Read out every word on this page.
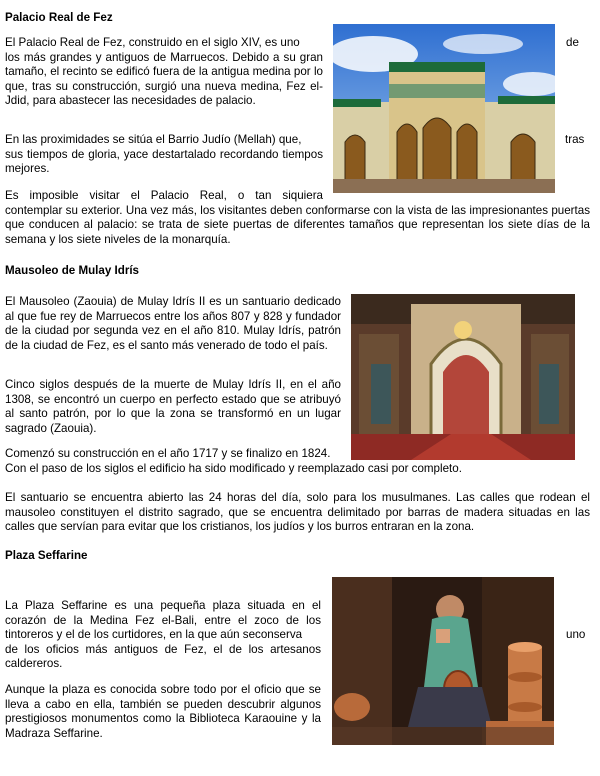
Palacio Real de Fez

El Palacio Real de Fez, construido en el siglo XIV, es uno	de

los más grandes y antiguos de Marruecos. Debido a su gran tamaño, el recinto se edificó fuera de la antigua medina por lo que, tras su construcción, surgió una nueva medina, Fez el-Jdid, para abastecer las necesidades de palacio.

En las proximidades se sitúa el Barrio Judío (Mellah) que,	tras

sus tiempos de gloria, yace destartalado recordando tiempos mejores.

Es imposible visitar el Palacio Real, o tan siquiera

contemplar su exterior. Una vez más, los visitantes deben conformarse con la vista de las impresionantes puertas que conducen al palacio: se trata de siete puertas de diferentes tamaños que representan los siete días de la semana y los siete niveles de la monarquía.

Mausoleo de Mulay Idrís

El Mausoleo (Zaouia) de Mulay Idrís II es un santuario dedicado al que fue rey de Marruecos entre los años 807 y 828 y fundador de la ciudad por segunda vez en el año 810. Mulay Idrís, patrón de la ciudad de Fez, es el santo más venerado de todo el país.

Cinco siglos después de la muerte de Mulay Idrís II, en el año 1308, se encontró un cuerpo en perfecto estado que se atribuyó al santo patrón, por lo que la zona se transformó en un lugar sagrado (Zaouia).

Comenzó su construcción en el año 1717 y se finalizo en 1824.

Con el paso de los siglos el edificio ha sido modificado y reemplazado casi por completo.

El santuario se encuentra abierto las 24 horas del día, solo para los musulmanes. Las calles que rodean el mausoleo constituyen el distrito sagrado, que se encuentra delimitado por barras de madera situadas en las calles que servían para evitar que los cristianos, los judíos y los burros entraran en la zona.

Plaza Seffarine

La Plaza Seffarine es una pequeña plaza situada en el corazón de la Medina Fez el-Bali, entre el zoco de los tintoreros y el de los curtidores, en la que aún seconserva	uno

de los oficios más antiguos de Fez, el de los artesanos caldereros.

Aunque la plaza es conocida sobre todo por el oficio que se lleva a cabo en ella, también se pueden descubrir algunos prestigiosos monumentos como la Biblioteca Karaouine y la Madraza Seffarine.
